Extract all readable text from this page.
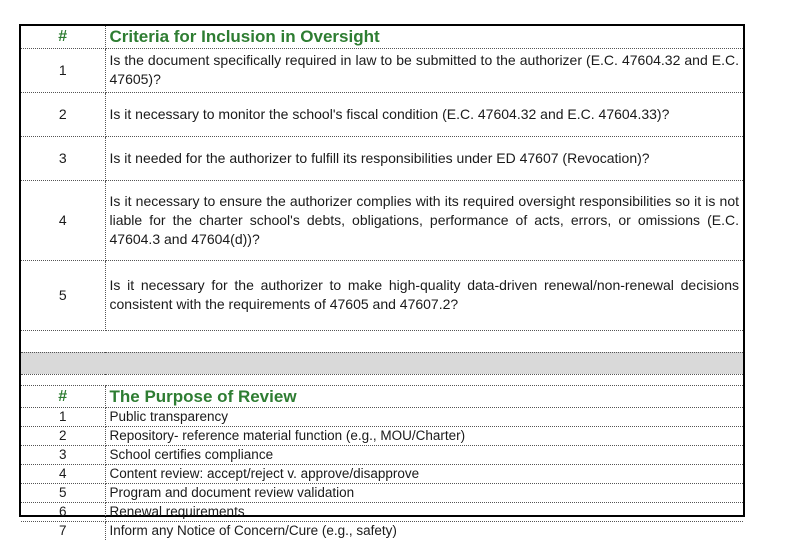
#	Criteria for Inclusion in Oversight
1	Is the document specifically required in law to be submitted to the authorizer (E.C. 47604.32 and E.C. 47605)?
2	Is it necessary to monitor the school's fiscal condition (E.C. 47604.32 and E.C. 47604.33)?
3	Is it needed for the authorizer to fulfill its responsibilities under ED 47607 (Revocation)?
4	Is it necessary to ensure the authorizer complies with its required oversight responsibilities so it is not liable for the charter school's debts, obligations, performance of acts, errors, or omissions (E.C. 47604.3 and 47604(d))?
5	Is it necessary for the authorizer to make high-quality data-driven renewal/non-renewal decisions consistent with the requirements of 47605 and 47607.2?

#	The Purpose of Review
1	Public transparency
2	Repository- reference material function (e.g., MOU/Charter)
3	School certifies compliance
4	Content review: accept/reject v. approve/disapprove
5	Program and document review validation
6	Renewal requirements
7	Inform any Notice of Concern/Cure (e.g., safety)
